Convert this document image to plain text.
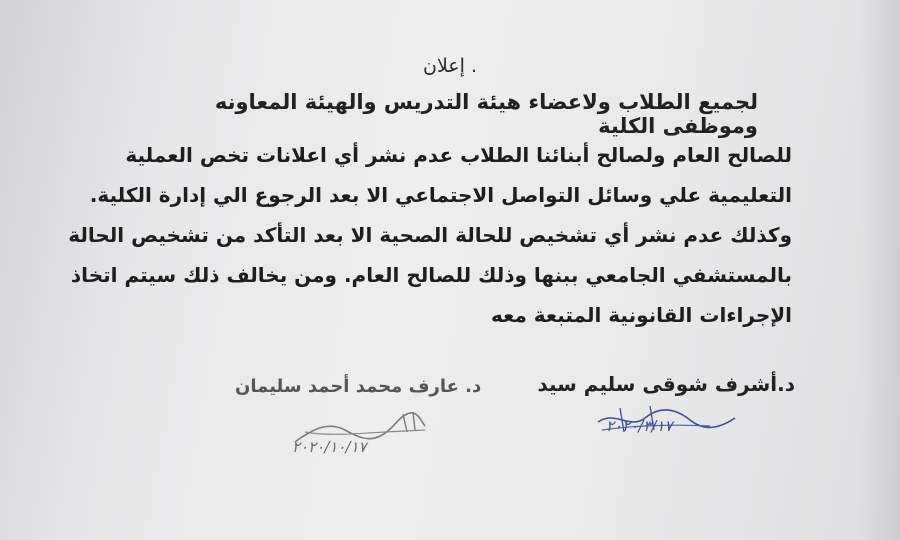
. إعلان
لجميع الطلاب ولاعضاء هيئة التدريس والهيئة المعاونه وموظفى الكلية
للصالح العام ولصالح أبنائنا الطلاب عدم نشر أي اعلانات تخص العملية
التعليمية علي وسائل التواصل الاجتماعي الا بعد الرجوع الي إدارة الكلية.
وكذلك عدم نشر أي تشخيص للحالة الصحية الا بعد التأكد من تشخيص الحالة
بالمستشفي الجامعي ببنها وذلك للصالح العام. ومن يخالف ذلك سيتم اتخاذ
الإجراءات القانونية المتبعة معه
د.أشرف شوقى سليم سيد
د. عارف محمد أحمد سليمان
٢٠٢٠/١٠/١٧
٢٠٢٠/٣/١٧
